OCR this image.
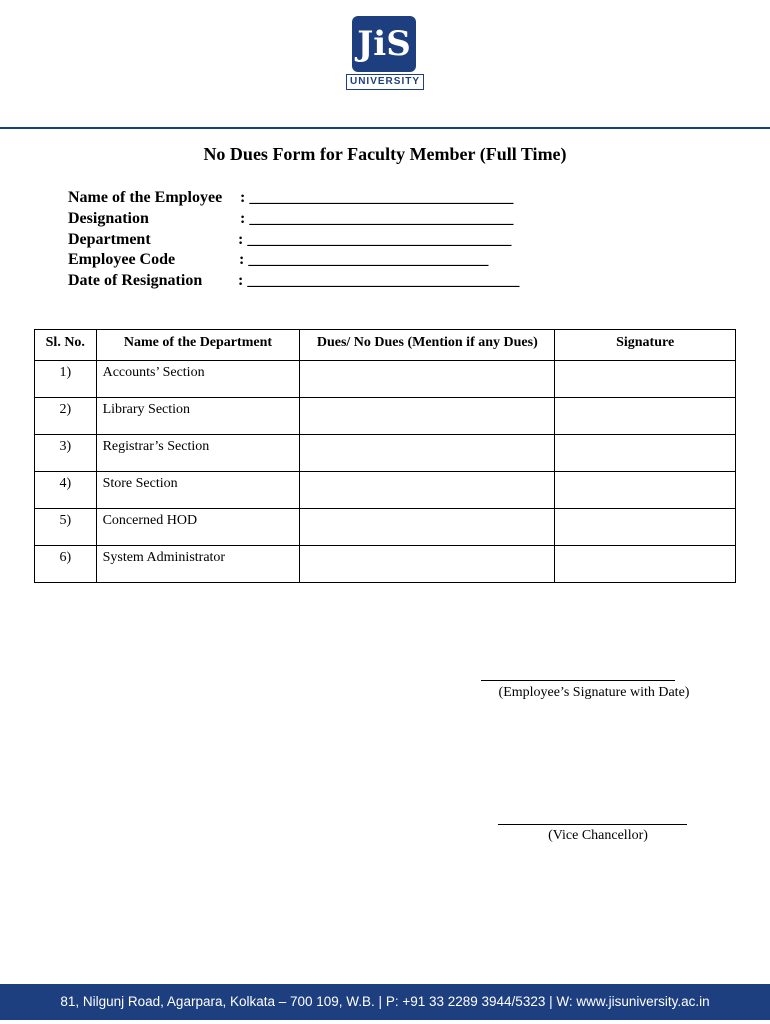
JiS
UNIVERSITY
No Dues Form for Faculty Member (Full Time)
Name of the Employee : _________________________________
Designation	: _________________________________
Department	: _________________________________
Employee Code	: ______________________________
Date of Resignation : __________________________________
Sl. No.	Name of the Department	Dues/ No Dues (Mention if any Dues)	Signature
1)	Accounts’ Section		
2)	Library Section		
3)	Registrar’s Section		
4)	Store Section		
5)	Concerned HOD		
6)	System Administrator		
(Employee’s Signature with Date)
(Vice Chancellor)
81, Nilgunj Road, Agarpara, Kolkata – 700 109, W.B. | P: +91 33 2289 3944/5323 | W: www.jisuniversity.ac.in
